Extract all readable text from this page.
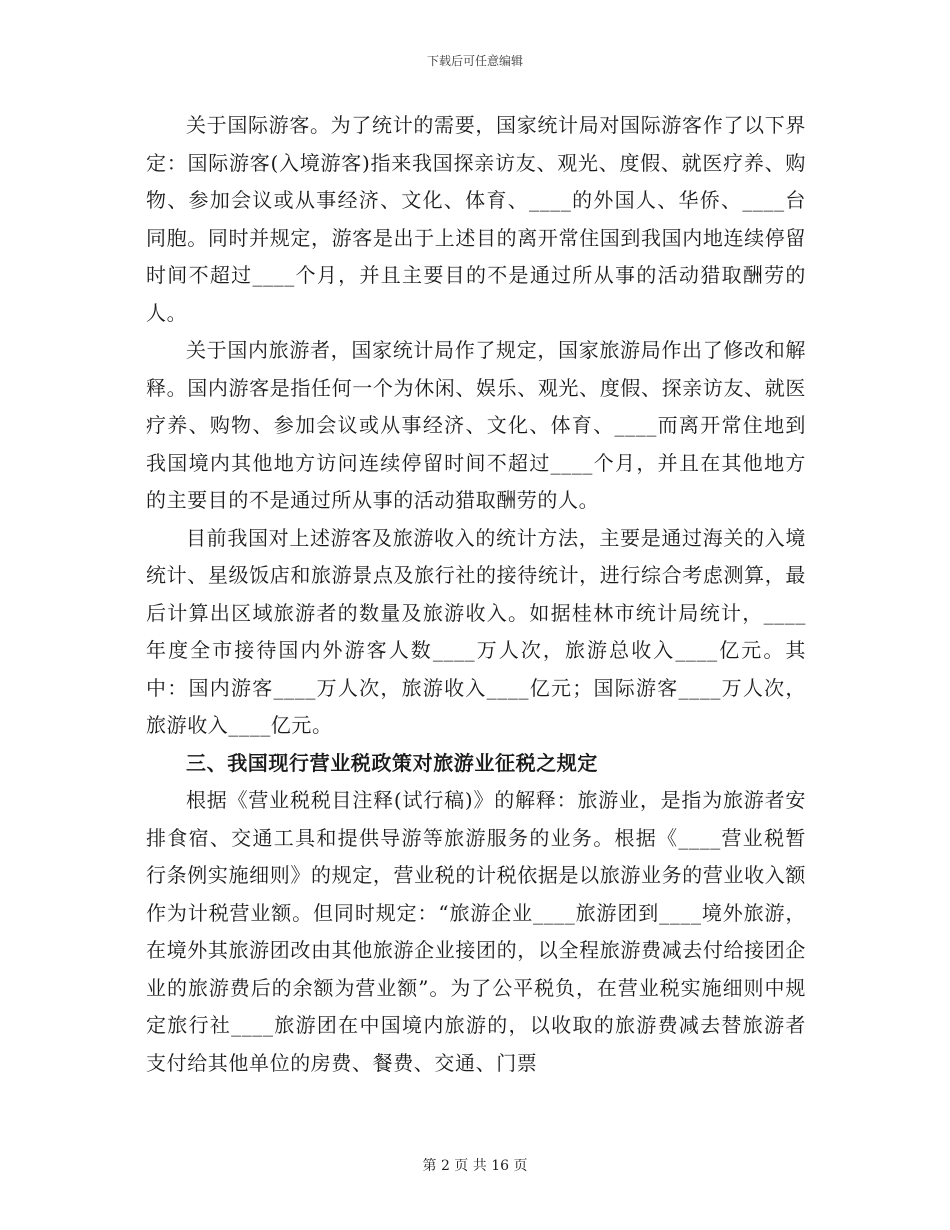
下载后可任意编辑

关于国际游客。为了统计的需要，国家统计局对国际游客作了以下界定：国际游客(入境游客)指来我国探亲访友、观光、度假、就医疗养、购物、参加会议或从事经济、文化、体育、____的外国人、华侨、____台同胞。同时并规定，游客是出于上述目的离开常住国到我国内地连续停留时间不超过____个月，并且主要目的不是通过所从事的活动猎取酬劳的人。

关于国内旅游者，国家统计局作了规定，国家旅游局作出了修改和解释。国内游客是指任何一个为休闲、娱乐、观光、度假、探亲访友、就医疗养、购物、参加会议或从事经济、文化、体育、____而离开常住地到我国境内其他地方访问连续停留时间不超过____个月，并且在其他地方的主要目的不是通过所从事的活动猎取酬劳的人。

目前我国对上述游客及旅游收入的统计方法，主要是通过海关的入境统计、星级饭店和旅游景点及旅行社的接待统计，进行综合考虑测算，最后计算出区域旅游者的数量及旅游收入。如据桂林市统计局统计，____年度全市接待国内外游客人数____万人次，旅游总收入____亿元。其中：国内游客____万人次，旅游收入____亿元；国际游客____万人次，旅游收入____亿元。

三、我国现行营业税政策对旅游业征税之规定

根据《营业税税目注释(试行稿)》的解释：旅游业，是指为旅游者安排食宿、交通工具和提供导游等旅游服务的业务。根据《____营业税暂行条例实施细则》的规定，营业税的计税依据是以旅游业务的营业收入额作为计税营业额。但同时规定：“旅游企业____旅游团到____境外旅游，在境外其旅游团改由其他旅游企业接团的，以全程旅游费减去付给接团企业的旅游费后的余额为营业额”。为了公平税负，在营业税实施细则中规定旅行社____旅游团在中国境内旅游的，以收取的旅游费减去替旅游者支付给其他单位的房费、餐费、交通、门票

第 2 页 共 16 页
